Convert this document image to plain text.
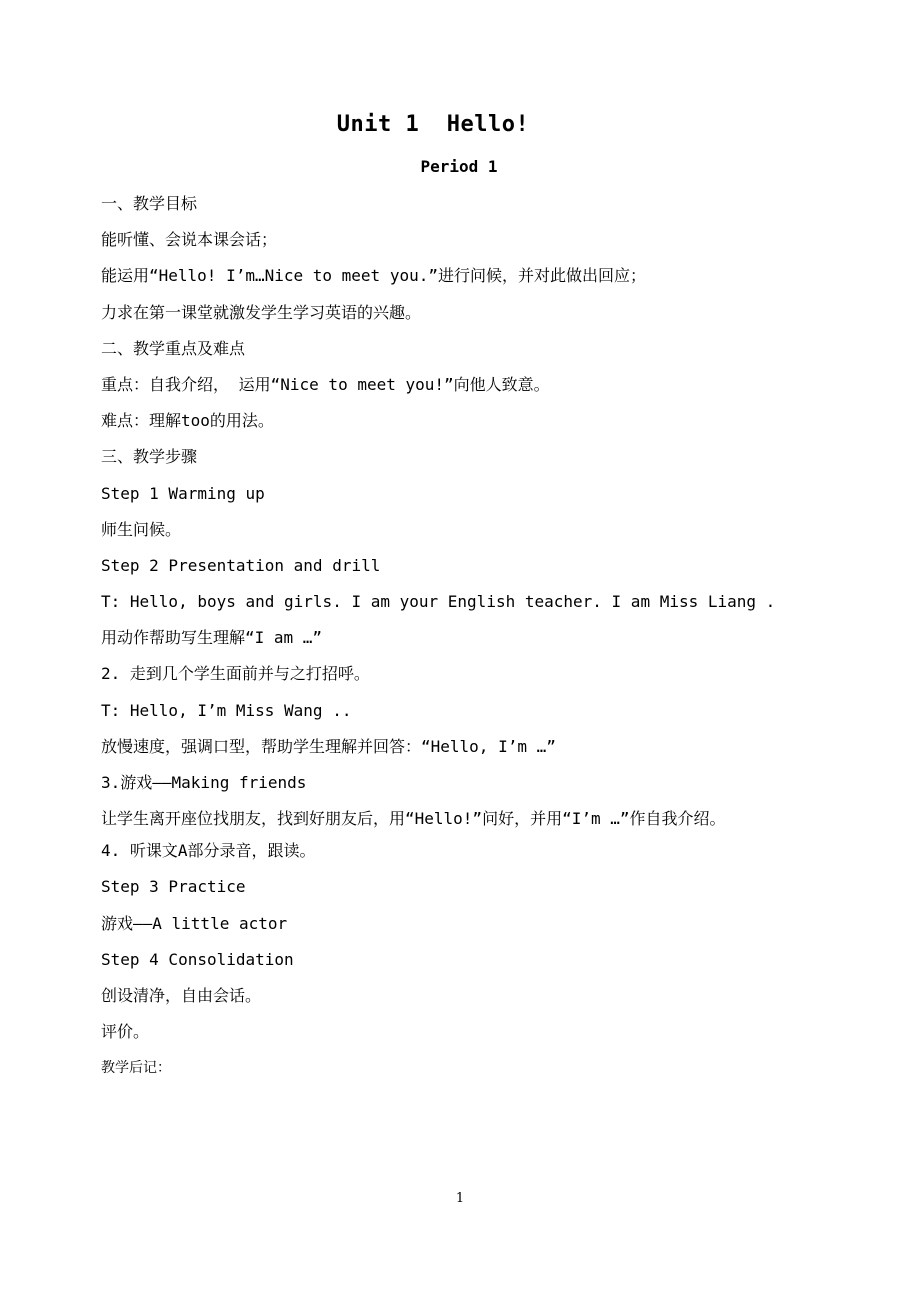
Unit 1  Hello!
Period 1
一、教学目标
能听懂、会说本课会话；
能运用“Hello! I’m…Nice to meet you.”进行问候，并对此做出回应；
力求在第一课堂就激发学生学习英语的兴趣。
二、教学重点及难点
重点：自我介绍， 运用“Nice to meet you!”向他人致意。
难点：理解too的用法。
三、教学步骤
Step 1 Warming up
师生问候。
Step 2 Presentation and drill
T: Hello, boys and girls. I am your English teacher. I am Miss Liang .
用动作帮助写生理解“I am …”
2. 走到几个学生面前并与之打招呼。
T: Hello, I’m Miss Wang ..
放慢速度，强调口型，帮助学生理解并回答：“Hello, I’m …”
3.游戏——Making friends
让学生离开座位找朋友，找到好朋友后，用“Hello!”问好，并用“I’m …”作自我介绍。
4. 听课文A部分录音，跟读。
Step 3 Practice
游戏——A little actor
Step 4 Consolidation
创设清净，自由会话。
评价。
教学后记：
1
